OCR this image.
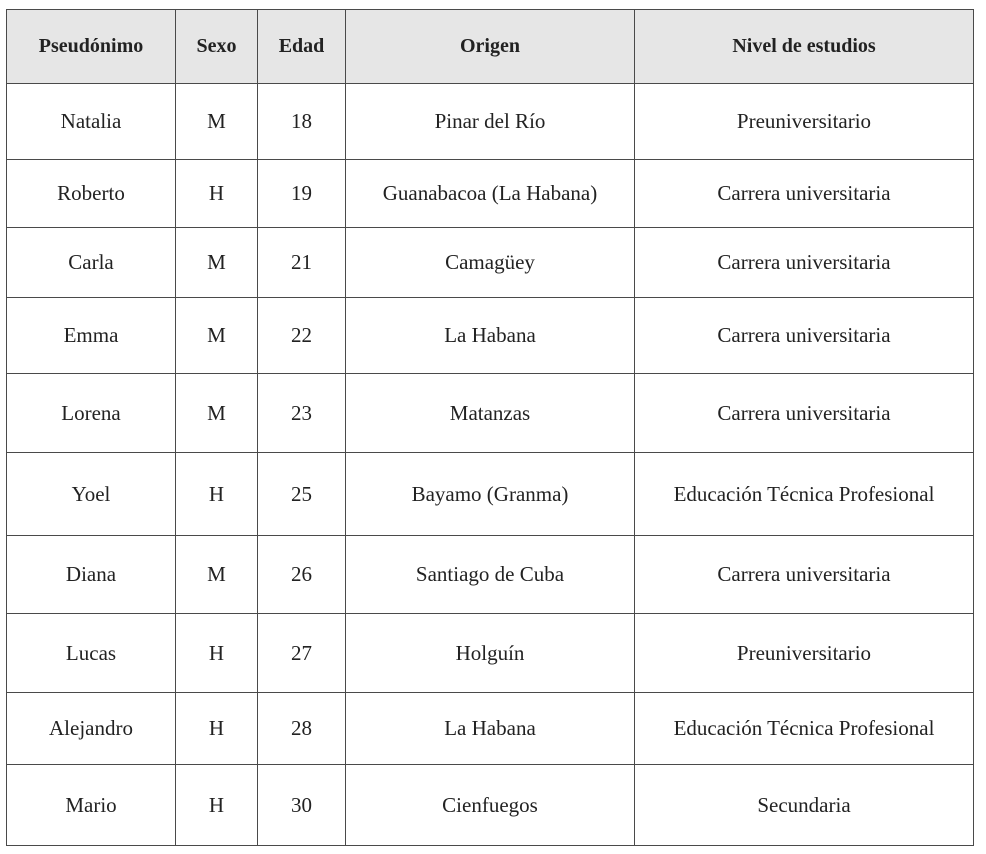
Pseudónimo	Sexo	Edad	Origen	Nivel de estudios
Natalia	M	18	Pinar del Río	Preuniversitario
Roberto	H	19	Guanabacoa (La Habana)	Carrera universitaria
Carla	M	21	Camagüey	Carrera universitaria
Emma	M	22	La Habana	Carrera universitaria
Lorena	M	23	Matanzas	Carrera universitaria
Yoel	H	25	Bayamo (Granma)	Educación Técnica Profesional
Diana	M	26	Santiago de Cuba	Carrera universitaria
Lucas	H	27	Holguín	Preuniversitario
Alejandro	H	28	La Habana	Educación Técnica Profesional
Mario	H	30	Cienfuegos	Secundaria
